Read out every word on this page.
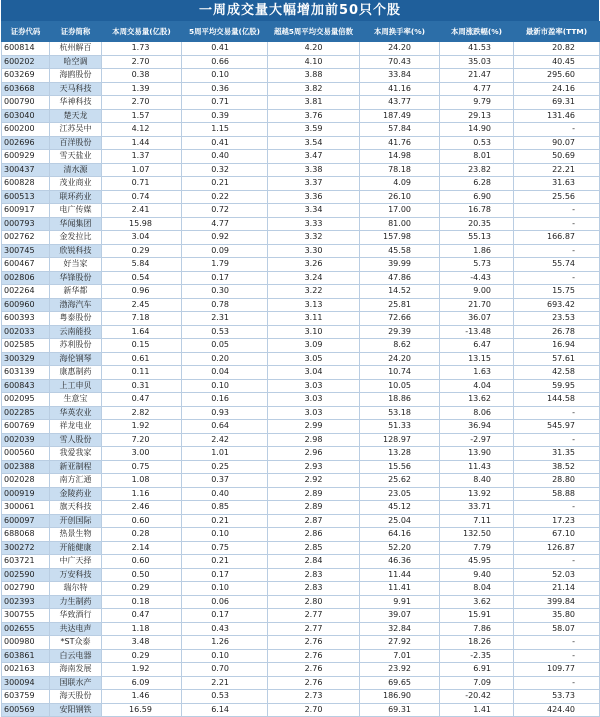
一周成交量大幅增加前50只个股
证券代码	证券简称	本周交易量(亿股)	5周平均交易量(亿股)	超越5周平均交易量倍数	本周换手率(%)	本周涨跌幅(%)	最新市盈率(TTM)
600814	杭州解百	1.73	0.41	4.20	24.20	41.53	20.82
600202	哈空调	2.70	0.66	4.10	70.43	35.03	40.45
603269	海鸥股份	0.38	0.10	3.88	33.84	21.47	295.60
603668	天马科技	1.39	0.36	3.82	41.16	4.77	24.16
000790	华神科技	2.70	0.71	3.81	43.77	9.79	69.31
603040	楚天龙	1.57	0.39	3.76	187.49	29.13	131.46
600200	江苏吴中	4.12	1.15	3.59	57.84	14.90	-
002696	百洋股份	1.44	0.41	3.54	41.76	0.53	90.07
600929	雪天盐业	1.37	0.40	3.47	14.98	8.01	50.69
300437	清水源	1.07	0.32	3.38	78.18	23.82	22.21
600828	茂业商业	0.71	0.21	3.37	4.09	6.28	31.63
600513	联环药业	0.74	0.22	3.36	26.10	6.90	25.56
600917	电广传媒	2.41	0.72	3.34	17.00	16.78	-
000793	华闻集团	15.98	4.77	3.33	81.00	20.35	-
002762	金发拉比	3.04	0.92	3.32	157.98	55.13	166.87
300745	欣锐科技	0.29	0.09	3.30	45.58	1.86	-
600467	好当家	5.84	1.79	3.26	39.99	5.73	55.74
002806	华锋股份	0.54	0.17	3.24	47.86	-4.43	-
002264	新华都	0.96	0.30	3.22	14.52	9.00	15.75
600960	渤海汽车	2.45	0.78	3.13	25.81	21.70	693.42
600393	粤泰股份	7.18	2.31	3.11	72.66	36.07	23.53
002033	云南能投	1.64	0.53	3.10	29.39	-13.48	26.78
002585	苏利股份	0.15	0.05	3.09	8.62	6.47	16.94
300329	海伦钢琴	0.61	0.20	3.05	24.20	13.15	57.61
603139	康惠制药	0.11	0.04	3.04	10.74	1.63	42.58
600843	上工申贝	0.31	0.10	3.03	10.05	4.04	59.95
002095	生意宝	0.47	0.16	3.03	18.86	13.62	144.58
002285	华英农业	2.82	0.93	3.03	53.18	8.06	-
600769	祥龙电业	1.92	0.64	2.99	51.33	36.94	545.97
002039	雪人股份	7.20	2.42	2.98	128.97	-2.97	-
000560	我爱我家	3.00	1.01	2.96	13.28	13.90	31.35
002388	新亚制程	0.75	0.25	2.93	15.56	11.43	38.52
002028	南方汇通	1.08	0.37	2.92	25.62	8.40	28.80
000919	金陵药业	1.16	0.40	2.89	23.05	13.92	58.88
300061	旗天科技	2.46	0.85	2.89	45.12	33.71	-
600097	开创国际	0.60	0.21	2.87	25.04	7.11	17.23
688068	热景生物	0.28	0.10	2.86	64.16	132.50	67.10
300272	开能健康	2.14	0.75	2.85	52.20	7.79	126.87
603721	中广天择	0.60	0.21	2.84	46.36	45.95	-
002590	万安科技	0.50	0.17	2.83	11.44	9.40	52.03
002790	瑞尔特	0.29	0.10	2.83	11.41	8.04	21.14
002393	力生制药	0.18	0.06	2.80	9.91	3.62	399.84
300755	华致酒行	0.47	0.17	2.77	39.07	15.91	35.80
002655	共达电声	1.18	0.43	2.77	32.84	7.86	58.07
000980	*ST众泰	3.48	1.26	2.76	27.92	18.26	-
603861	白云电器	0.29	0.10	2.76	7.01	-2.35	-
002163	海南发展	1.92	0.70	2.76	23.92	6.91	109.77
300094	国联水产	6.09	2.21	2.76	69.65	7.09	-
603759	海天股份	1.46	0.53	2.73	186.90	-20.42	53.73
600569	安阳钢铁	16.59	6.14	2.70	69.31	1.41	424.40
